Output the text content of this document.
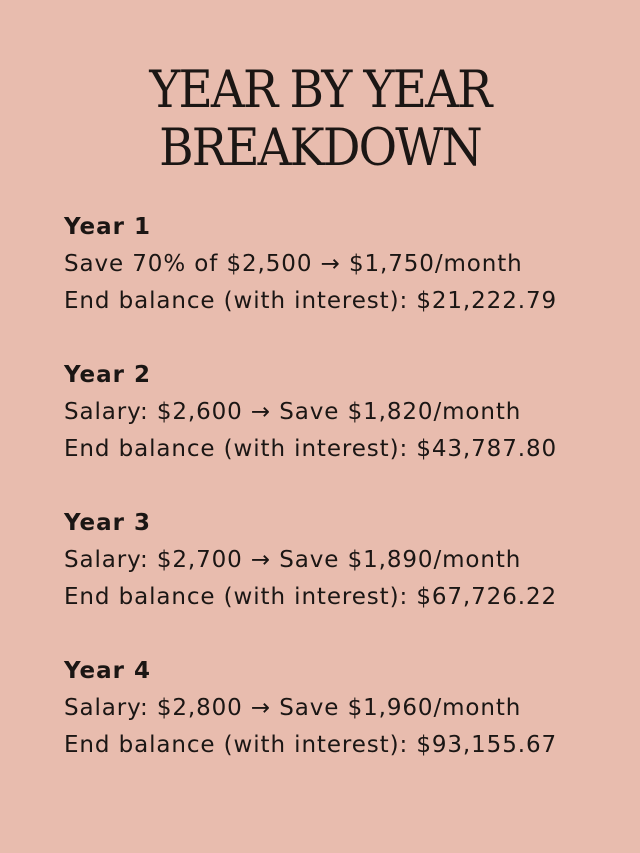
YEAR BY YEAR
BREAKDOWN
Year 1
Save 70% of $2,500 → $1,750/month
End balance (with interest): $21,222.79
Year 2
Salary: $2,600 → Save $1,820/month
End balance (with interest): $43,787.80
Year 3
Salary: $2,700 → Save $1,890/month
End balance (with interest): $67,726.22
Year 4
Salary: $2,800 → Save $1,960/month
End balance (with interest): $93,155.67
